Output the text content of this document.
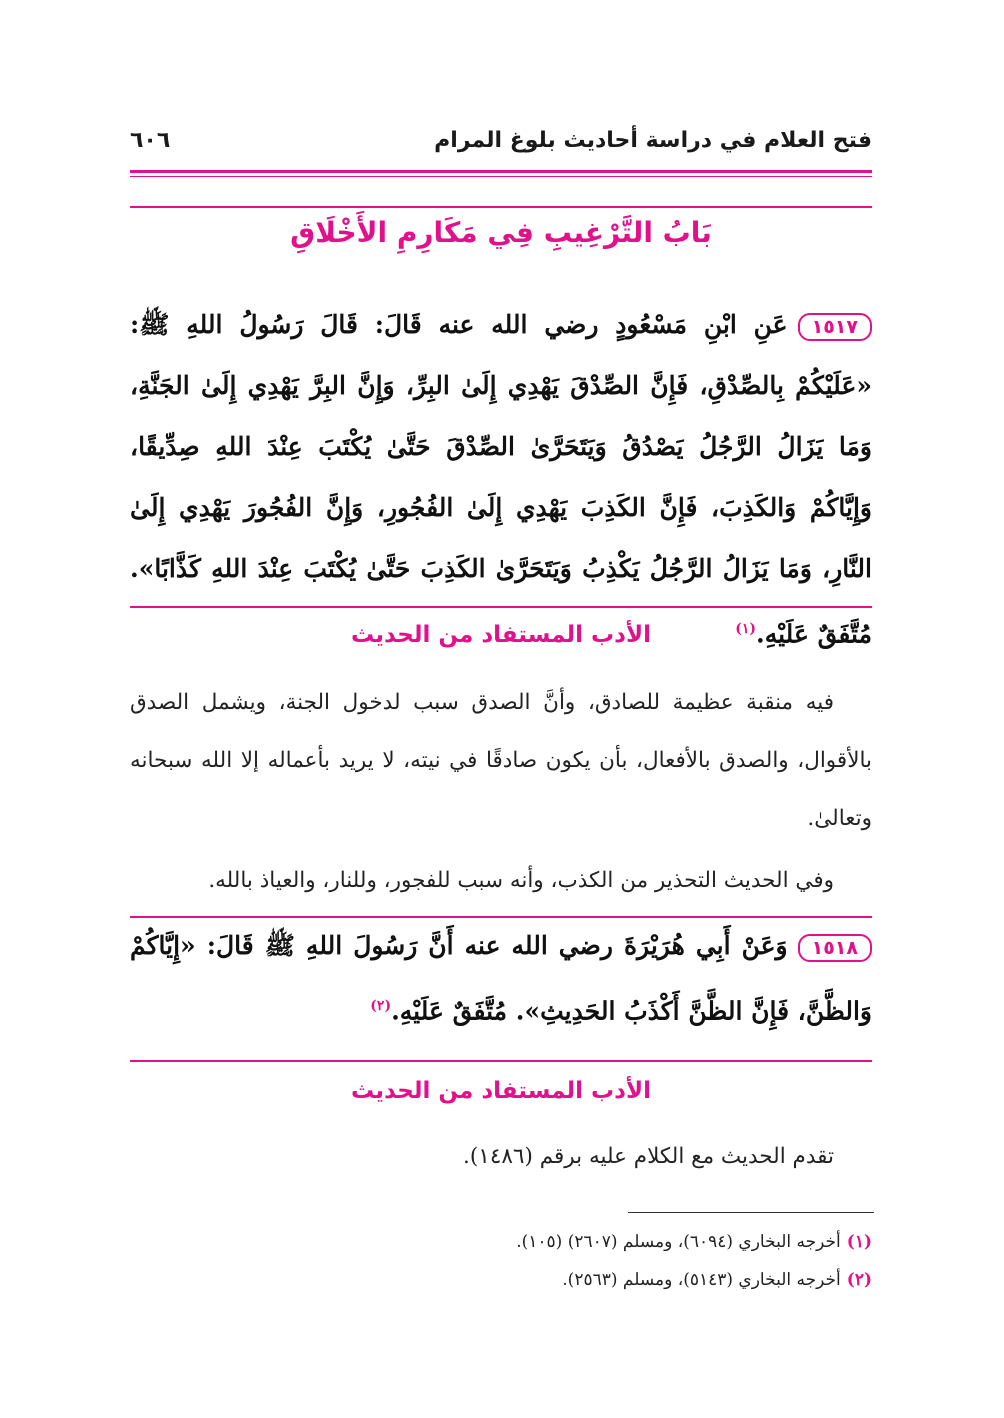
فتح العلام في دراسة أحاديث بلوغ المرام
٦٠٦
بَابُ التَّرْغِيبِ فِي مَكَارِمِ الأَخْلَاقِ
١٥١٧عَنِ ابْنِ مَسْعُودٍ رضي الله عنه قَالَ: قَالَ رَسُولُ اللهِ ﷺ: «عَلَيْكُمْ بِالصِّدْقِ، فَإِنَّ الصِّدْقَ يَهْدِي إِلَىٰ البِرِّ، وَإِنَّ البِرَّ يَهْدِي إِلَىٰ الجَنَّةِ، وَمَا يَزَالُ الرَّجُلُ يَصْدُقُ وَيَتَحَرَّىٰ الصِّدْقَ حَتَّىٰ يُكْتَبَ عِنْدَ اللهِ صِدِّيقًا، وَإِيَّاكُمْ وَالكَذِبَ، فَإِنَّ الكَذِبَ يَهْدِي إِلَىٰ الفُجُورِ، وَإِنَّ الفُجُورَ يَهْدِي إِلَىٰ النَّارِ، وَمَا يَزَالُ الرَّجُلُ يَكْذِبُ وَيَتَحَرَّىٰ الكَذِبَ حَتَّىٰ يُكْتَبَ عِنْدَ اللهِ كَذَّابًا». مُتَّفَقٌ عَلَيْهِ.$^{(١)}$
الأدب المستفاد من الحديث
فيه منقبة عظيمة للصادق، وأنَّ الصدق سبب لدخول الجنة، ويشمل الصدق بالأقوال، والصدق بالأفعال، بأن يكون صادقًا في نيته، لا يريد بأعماله إلا الله سبحانه وتعالىٰ.
وفي الحديث التحذير من الكذب، وأنه سبب للفجور، وللنار، والعياذ بالله.
١٥١٨وَعَنْ أَبِي هُرَيْرَةَ رضي الله عنه أَنَّ رَسُولَ اللهِ ﷺ قَالَ: «إِيَّاكُمْ وَالظَّنَّ، فَإِنَّ الظَّنَّ أَكْذَبُ الحَدِيثِ». مُتَّفَقٌ عَلَيْهِ.$^{(٢)}$
الأدب المستفاد من الحديث
تقدم الحديث مع الكلام عليه برقم (١٤٨٦).
(١)أخرجه البخاري (٦٠٩٤)، ومسلم (٢٦٠٧) (١٠٥).
(٢)أخرجه البخاري (٥١٤٣)، ومسلم (٢٥٦٣).
